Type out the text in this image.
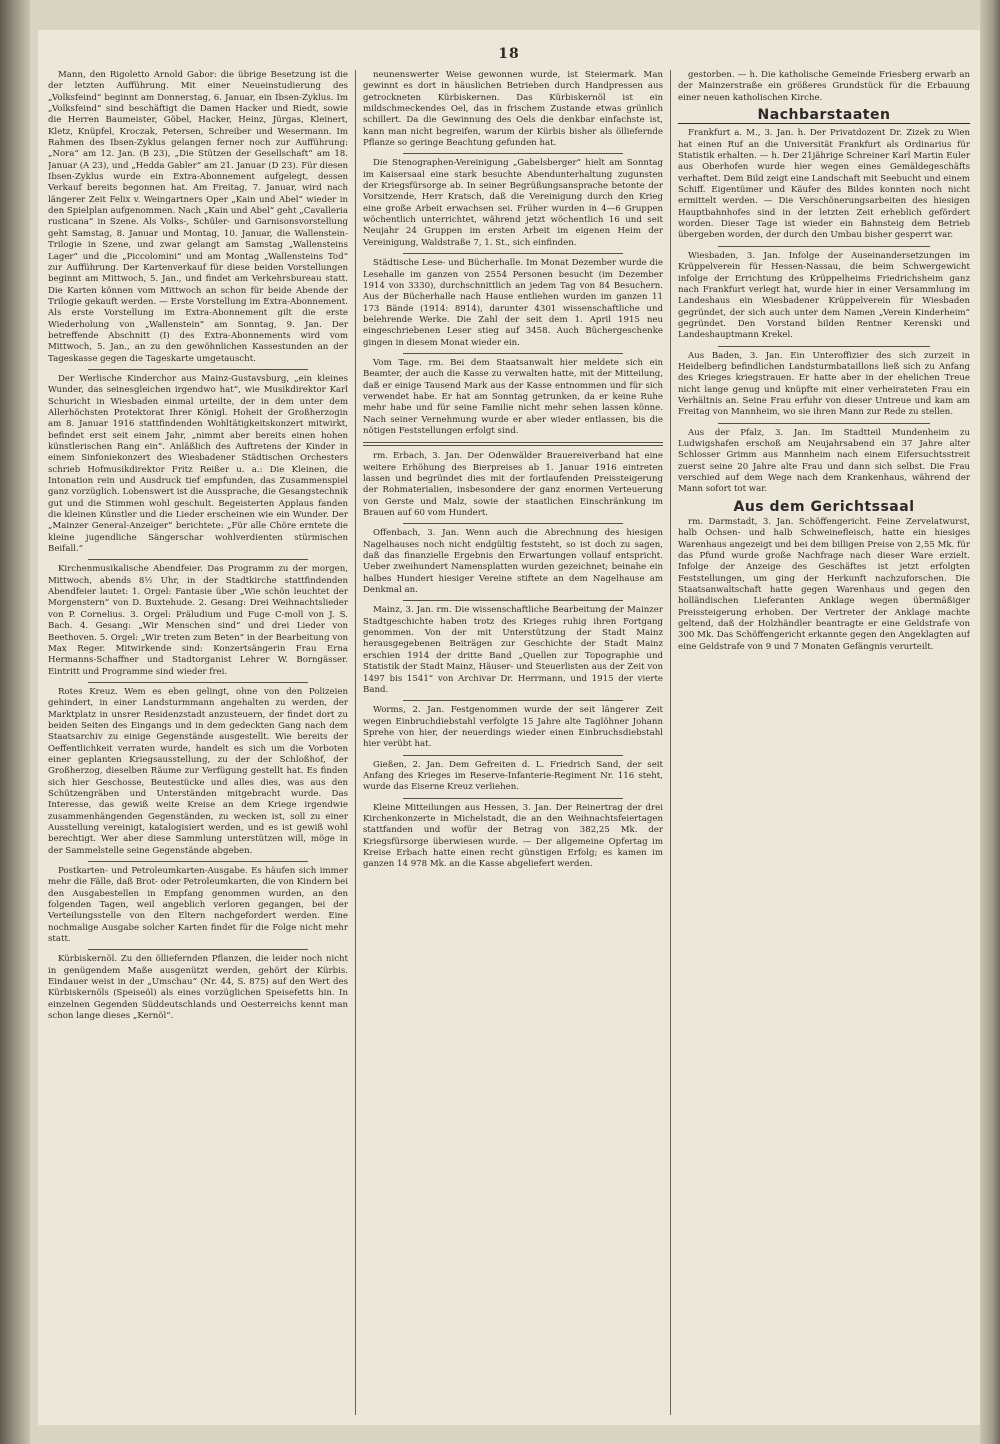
18

Mann, den Rigoletto Arnold Gabor: die übrige Besetzung ist die der letzten Aufführung. Mit einer Neueinstudierung des „Volksfeind“ beginnt am Donnerstag, 6. Januar, ein Ibsen-Zyklus. Im „Volksfeind“ sind beschäftigt die Damen Hacker und Riedt, sowie die Herren Baumeister, Göbel, Hacker, Heinz, Jürgas, Kleinert, Kletz, Knüpfel, Kroczak, Petersen, Schreiber und Wesermann. Im Rahmen des Ibsen-Zyklus gelangen ferner noch zur Aufführung: „Nora“ am 12. Jan. (B 23), „Die Stützen der Gesellschaft“ am 18. Januar (A 23), und „Hedda Gabler“ am 21. Januar (D 23). Für diesen Ibsen-Zyklus wurde ein Extra-Abonnement aufgelegt, dessen Verkauf bereits begonnen hat. Am Freitag, 7. Januar, wird nach längerer Zeit Felix v. Weingartners Oper „Kain und Abel“ wieder in den Spielplan aufgenommen. Nach „Kain und Abel“ geht „Cavalleria rusticana“ in Szene. Als Volks-, Schüler- und Garnisonsvorstellung geht Samstag, 8. Januar und Montag, 10. Januar, die Wallenstein-Trilogie in Szene, und zwar gelangt am Samstag „Wallensteins Lager“ und die „Piccolomini“ und am Montag „Wallensteins Tod“ zur Aufführung. Der Kartenverkauf für diese beiden Vorstellungen beginnt am Mittwoch, 5. Jan., und findet am Verkehrsbureau statt. Die Karten können vom Mittwoch an schon für beide Abende der Trilogie gekauft werden. — Erste Vorstellung im Extra-Abonnement. Als erste Vorstellung im Extra-Abonnement gilt die erste Wiederholung von „Wallenstein“ am Sonntag, 9. Jan. Der betreffende Abschnitt (I) des Extra-Abonnements wird vom Mittwoch, 5. Jan., an zu den gewöhnlichen Kassestunden an der Tageskasse gegen die Tageskarte umgetauscht.

Der Werlische Kinderchor aus Mainz-Gustavsburg, „ein kleines Wunder, das seinesgleichen irgendwo hat“, wie Musikdirektor Karl Schuricht in Wiesbaden einmal urteilte, der in dem unter dem Allerhöchsten Protektorat Ihrer Königl. Hoheit der Großherzogin am 8. Januar 1916 stattfindenden Wohltätigkeitskonzert mitwirkt, befindet erst seit einem Jahr, „nimmt aber bereits einen hohen künstlerischen Rang ein“. Anläßlich des Auftretens der Kinder in einem Sinfoniekonzert des Wiesbadener Städtischen Orchesters schrieb Hofmusikdirektor Fritz Reißer u. a.: Die Kleinen, die Intonation rein und Ausdruck tief empfunden, das Zusammenspiel ganz vorzüglich. Lobenswert ist die Aussprache, die Gesangstechnik gut und die Stimmen wohl geschult. Begeisterten Applaus fanden die kleinen Künstler und die Lieder erscheinen wie ein Wunder. Der „Mainzer General-Anzeiger“ berichtete: „Für alle Chöre erntete die kleine jugendliche Sängerschar wohlverdienten stürmischen Beifall.“

Kirchenmusikalische Abendfeier. Das Programm zu der morgen, Mittwoch, abends 8½ Uhr, in der Stadtkirche stattfindenden Abendfeier lautet: 1. Orgel: Fantasie über „Wie schön leuchtet der Morgenstern“ von D. Buxtehude. 2. Gesang: Drei Weihnachtslieder von P. Cornelius. 3. Orgel: Präludium und Fuge C-moll von J. S. Bach. 4. Gesang: „Wir Menschen sind“ und drei Lieder von Beethoven. 5. Orgel: „Wir treten zum Beten“ in der Bearbeitung von Max Reger. Mitwirkende sind: Konzertsängerin Frau Erna Hermanns-Schaffner und Stadtorganist Lehrer W. Borngässer. Eintritt und Programme sind wieder frei.

Rotes Kreuz. Wem es eben gelingt, ohne von den Polizeien gehindert, in einer Landsturmmann angehalten zu werden, der Marktplatz in unsrer Residenzstadt anzusteuern, der findet dort zu beiden Seiten des Eingangs und in dem gedeckten Gang nach dem Staatsarchiv zu einige Gegenstände ausgestellt. Wie bereits der Oeffentlichkeit verraten wurde, handelt es sich um die Vorboten einer geplanten Kriegsausstellung, zu der der Schloßhof, der Großherzog, dieselben Räume zur Verfügung gestellt hat. Es finden sich hier Geschosse, Beutestücke und alles dies, was aus den Schützengräben und Unterständen mitgebracht wurde. Das Interesse, das gewiß weite Kreise an dem Kriege irgendwie zusammenhängenden Gegenständen, zu wecken ist, soll zu einer Ausstellung vereinigt, katalogisiert werden, und es ist gewiß wohl berechtigt. Wer aber diese Sammlung unterstützen will, möge in der Sammelstelle seine Gegenstände abgeben.

Postkarten- und Petroleumkarten-Ausgabe. Es häufen sich immer mehr die Fälle, daß Brot- oder Petroleumkarten, die von Kindern bei den Ausgabestellen in Empfang genommen wurden, an den folgenden Tagen, weil angeblich verloren gegangen, bei der Verteilungsstelle von den Eltern nachgefordert werden. Eine nochmalige Ausgabe solcher Karten findet für die Folge nicht mehr statt.

Kürbiskernöl. Zu den ölliefernden Pflanzen, die leider noch nicht in genügendem Maße ausgenützt werden, gehört der Kürbis. Eindauer weist in der „Umschau“ (Nr. 44, S. 875) auf den Wert des Kürbiskernöls (Speiseöl) als eines vorzüglichen Speisefetts hin. In einzelnen Gegenden Süddeutschlands und Oesterreichs kennt man schon lange dieses „Kernöl“.

neunenswerter Weise gewonnen wurde, ist Steiermark. Man gewinnt es dort in häuslichen Betrieben durch Handpressen aus getrockneten Kürbiskernen. Das Kürbiskernöl ist ein mildschmeckendes Oel, das in frischem Zustande etwas grünlich schillert. Da die Gewinnung des Oels die denkbar einfachste ist, kann man nicht begreifen, warum der Kürbis bisher als ölliefernde Pflanze so geringe Beachtung gefunden hat.

Die Stenographen-Vereinigung „Gabelsberger“ hielt am Sonntag im Kaisersaal eine stark besuchte Abendunterhaltung zugunsten der Kriegsfürsorge ab. In seiner Begrüßungsansprache betonte der Vorsitzende, Herr Kratsch, daß die Vereinigung durch den Krieg eine große Arbeit erwachsen sei. Früher wurden in 4—6 Gruppen wöchentlich unterrichtet, während jetzt wöchentlich 16 und seit Neujahr 24 Gruppen im ersten Arbeit im eigenen Heim der Vereinigung, Waldstraße 7, 1. St., sich einfinden.

Städtische Lese- und Bücherhalle. Im Monat Dezember wurde die Lesehalle im ganzen von 2554 Personen besucht (im Dezember 1914 von 3330), durchschnittlich an jedem Tag von 84 Besuchern. Aus der Bücherhalle nach Hause entliehen wurden im ganzen 11 173 Bände (1914: 8914), darunter 4301 wissenschaftliche und belehrende Werke. Die Zahl der seit dem 1. April 1915 neu eingeschriebenen Leser stieg auf 3458. Auch Büchergeschenke gingen in diesem Monat wieder ein.

Vom Tage. rm. Bei dem Staatsanwalt hier meldete sich ein Beamter, der auch die Kasse zu verwalten hatte, mit der Mitteilung, daß er einige Tausend Mark aus der Kasse entnommen und für sich verwendet habe. Er hat am Sonntag getrunken, da er keine Ruhe mehr habe und für seine Familie nicht mehr sehen lassen könne. Nach seiner Vernehmung wurde er aber wieder entlassen, bis die nötigen Feststellungen erfolgt sind.

rm. Erbach, 3. Jan. Der Odenwälder Brauereiverband hat eine weitere Erhöhung des Bierpreises ab 1. Januar 1916 eintreten lassen und begründet dies mit der fortlaufenden Preissteigerung der Rohmaterialien, insbesondere der ganz enormen Verteuerung von Gerste und Malz, sowie der staatlichen Einschränkung im Brauen auf 60 vom Hundert.

Offenbach, 3. Jan. Wenn auch die Abrechnung des hiesigen Nagelhauses noch nicht endgültig feststeht, so ist doch zu sagen, daß das finanzielle Ergebnis den Erwartungen vollauf entspricht. Ueber zweihundert Namensplatten wurden gezeichnet; beinahe ein halbes Hundert hiesiger Vereine stiftete an dem Nagelhause am Denkmal an.

Mainz, 3. Jan. rm. Die wissenschaftliche Bearbeitung der Mainzer Stadtgeschichte haben trotz des Krieges ruhig ihren Fortgang genommen. Von der mit Unterstützung der Stadt Mainz herausgegebenen Beiträgen zur Geschichte der Stadt Mainz erschien 1914 der dritte Band „Quellen zur Topographie und Statistik der Stadt Mainz, Häuser- und Steuerlisten aus der Zeit von 1497 bis 1541“ von Archivar Dr. Herrmann, und 1915 der vierte Band.

Worms, 2. Jan. Festgenommen wurde der seit längerer Zeit wegen Einbruchdiebstahl verfolgte 15 Jahre alte Taglöhner Johann Sprehe von hier, der neuerdings wieder einen Einbruchsdiebstahl hier verübt hat.

Gießen, 2. Jan. Dem Gefreiten d. L. Friedrich Sand, der seit Anfang des Krieges im Reserve-Infanterie-Regiment Nr. 116 steht, wurde das Eiserne Kreuz verliehen.

Kleine Mitteilungen aus Hessen, 3. Jan. Der Reinertrag der drei Kirchenkonzerte in Michelstadt, die an den Weihnachtsfeiertagen stattfanden und wofür der Betrag von 382,25 Mk. der Kriegsfürsorge überwiesen wurde. — Der allgemeine Opfertag im Kreise Erbach hatte einen recht günstigen Erfolg; es kamen im ganzen 14 978 Mk. an die Kasse abgeliefert werden.

gestorben. — h. Die katholische Gemeinde Friesberg erwarb an der Mainzerstraße ein größeres Grundstück für die Erbauung einer neuen katholischen Kirche.

Nachbarstaaten

Frankfurt a. M., 3. Jan. h. Der Privatdozent Dr. Zizek zu Wien hat einen Ruf an die Universität Frankfurt als Ordinarius für Statistik erhalten. — h. Der 21jährige Schreiner Karl Martin Euler aus Oberhofen wurde hier wegen eines Gemäldegeschäfts verhaftet. Dem Bild zeigt eine Landschaft mit Seebucht und einem Schiff. Eigentümer und Käufer des Bildes konnten noch nicht ermittelt werden. — Die Verschönerungsarbeiten des hiesigen Hauptbahnhofes sind in der letzten Zeit erheblich gefördert worden. Dieser Tage ist wieder ein Bahnsteig dem Betrieb übergeben worden, der durch den Umbau bisher gesperrt war.

Wiesbaden, 3. Jan. Infolge der Auseinandersetzungen im Krüppelverein für Hessen-Nassau, die beim Schwergewicht infolge der Errichtung des Krüppelheims Friedrichsheim ganz nach Frankfurt verlegt hat, wurde hier in einer Versammlung im Landeshaus ein Wiesbadener Krüppelverein für Wiesbaden gegründet, der sich auch unter dem Namen „Verein Kinderheim“ gegründet. Den Vorstand bilden Rentner Kerenski und Landeshauptmann Krekel.

Aus Baden, 3. Jan. Ein Unteroffizier des sich zurzeit in Heidelberg befindlichen Landsturmbataillons ließ sich zu Anfang des Krieges kriegstrauen. Er hatte aber in der ehelichen Treue nicht lange genug und knüpfte mit einer verheirateten Frau ein Verhältnis an. Seine Frau erfuhr von dieser Untreue und kam am Freitag von Mannheim, wo sie ihren Mann zur Rede zu stellen.

Aus der Pfalz, 3. Jan. Im Stadtteil Mundenheim zu Ludwigshafen erschoß am Neujahrsabend ein 37 Jahre alter Schlosser Grimm aus Mannheim nach einem Eifersuchtsstreit zuerst seine 20 Jahre alte Frau und dann sich selbst. Die Frau verschied auf dem Wege nach dem Krankenhaus, während der Mann sofort tot war.

Aus dem Gerichtssaal

rm. Darmstadt, 3. Jan. Schöffengericht. Feine Zervelatwurst, halb Ochsen- und halb Schweinefleisch, hatte ein hiesiges Warenhaus angezeigt und bei dem billigen Preise von 2,55 Mk. für das Pfund wurde große Nachfrage nach dieser Ware erzielt. Infolge der Anzeige des Geschäftes ist jetzt erfolgten Feststellungen, um ging der Herkunft nachzuforschen. Die Staatsanwaltschaft hatte gegen Warenhaus und gegen den holländischen Lieferanten Anklage wegen übermäßiger Preissteigerung erhoben. Der Vertreter der Anklage machte geltend, daß der Holzhändler beantragte er eine Geldstrafe von 300 Mk. Das Schöffengericht erkannte gegen den Angeklagten auf eine Geldstrafe von 9 und 7 Monaten Gefängnis verurteilt.
